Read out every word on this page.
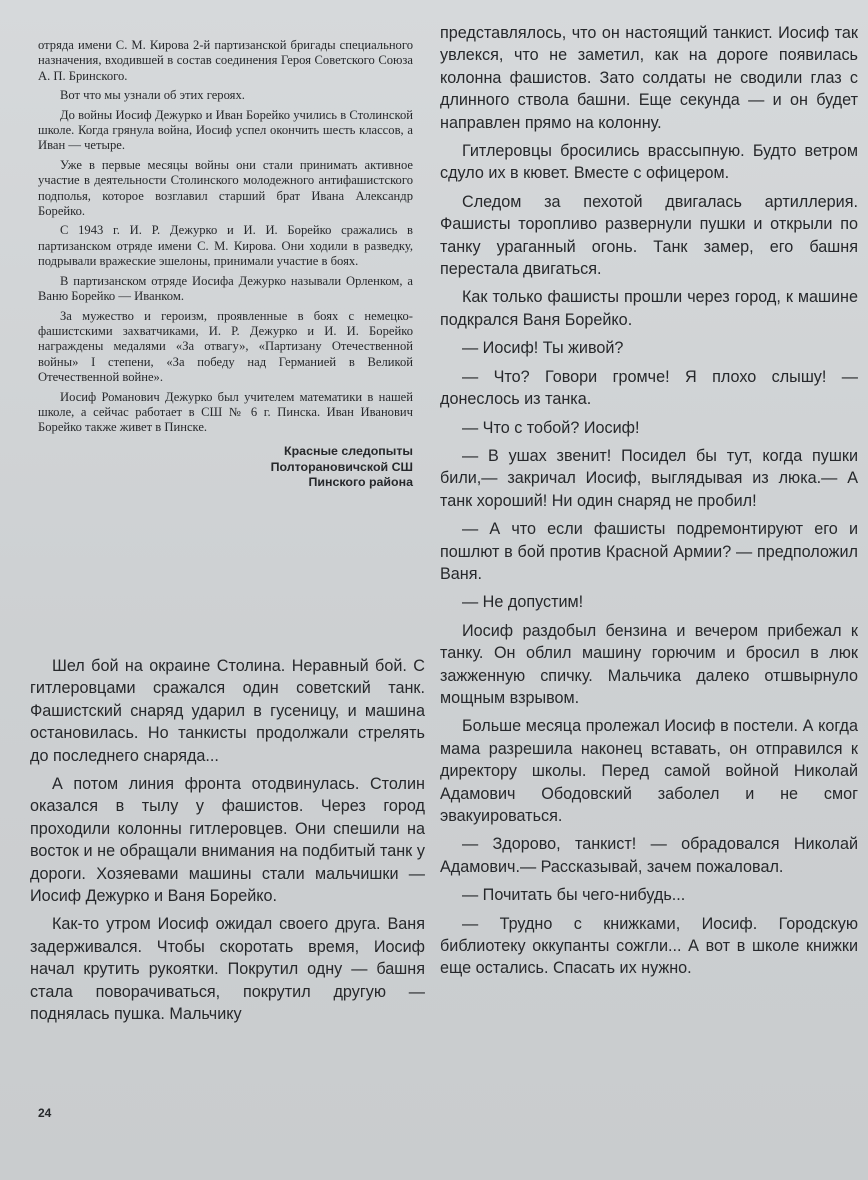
отряда имени С. М. Кирова 2-й партизанской бригады специального назначения, входившей в состав соединения Героя Советского Союза А. П. Бринского.

Вот что мы узнали об этих героях.

До войны Иосиф Дежурко и Иван Борейко учились в Столинской школе. Когда грянула война, Иосиф успел окончить шесть классов, а Иван — четыре.

Уже в первые месяцы войны они стали принимать активное участие в деятельности Столинского молодежного антифашистского подполья, которое возглавил старший брат Ивана Александр Борейко.

С 1943 г. И. Р. Дежурко и И. И. Борейко сражались в партизанском отряде имени С. М. Кирова. Они ходили в разведку, подрывали вражеские эшелоны, принимали участие в боях.

В партизанском отряде Иосифа Дежурко называли Орленком, а Ваню Борейко — Иванком.

За мужество и героизм, проявленные в боях с немецко-фашистскими захватчиками, И. Р. Дежурко и И. И. Борейко награждены медалями «За отвагу», «Партизану Отечественной войны» I степени, «За победу над Германией в Великой Отечественной войне».

Иосиф Романович Дежурко был учителем математики в нашей школе, а сейчас работает в СШ № 6 г. Пинска. Иван Иванович Борейко также живет в Пинске.

Красные следопыты
Полторановичской СШ
Пинского района

Шел бой на окраине Столина. Неравный бой. С гитлеровцами сражался один советский танк. Фашистский снаряд ударил в гусеницу, и машина остановилась. Но танкисты продолжали стрелять до последнего снаряда...

А потом линия фронта отодвинулась. Столин оказался в тылу у фашистов. Через город проходили колонны гитлеровцев. Они спешили на восток и не обращали внимания на подбитый танк у дороги. Хозяевами машины стали мальчишки — Иосиф Дежурко и Ваня Борейко.

Как-то утром Иосиф ожидал своего друга. Ваня задерживался. Чтобы скоротать время, Иосиф начал крутить рукоятки. Покрутил одну — башня стала поворачиваться, покрутил другую — поднялась пушка. Мальчику

представлялось, что он настоящий танкист. Иосиф так увлекся, что не заметил, как на дороге появилась колонна фашистов. Зато солдаты не сводили глаз с длинного ствола башни. Еще секунда — и он будет направлен прямо на колонну.

Гитлеровцы бросились врассыпную. Будто ветром сдуло их в кювет. Вместе с офицером.

Следом за пехотой двигалась артиллерия. Фашисты торопливо развернули пушки и открыли по танку ураганный огонь. Танк замер, его башня перестала двигаться.

Как только фашисты прошли через город, к машине подкрался Ваня Борейко.

— Иосиф! Ты живой?

— Что? Говори громче! Я плохо слышу! — донеслось из танка.

— Что с тобой? Иосиф!

— В ушах звенит! Посидел бы тут, когда пушки били,— закричал Иосиф, выглядывая из люка.— А танк хороший! Ни один снаряд не пробил!

— А что если фашисты подремонтируют его и пошлют в бой против Красной Армии? — предположил Ваня.

— Не допустим!

Иосиф раздобыл бензина и вечером прибежал к танку. Он облил машину горючим и бросил в люк зажженную спичку. Мальчика далеко отшвырнуло мощным взрывом.

Больше месяца пролежал Иосиф в постели. А когда мама разрешила наконец вставать, он отправился к директору школы. Перед самой войной Николай Адамович Ободовский заболел и не смог эвакуироваться.

— Здорово, танкист! — обрадовался Николай Адамович.— Рассказывай, зачем пожаловал.

— Почитать бы чего-нибудь...

— Трудно с книжками, Иосиф. Городскую библиотеку оккупанты сожгли... А вот в школе книжки еще остались. Спасать их нужно.

24
